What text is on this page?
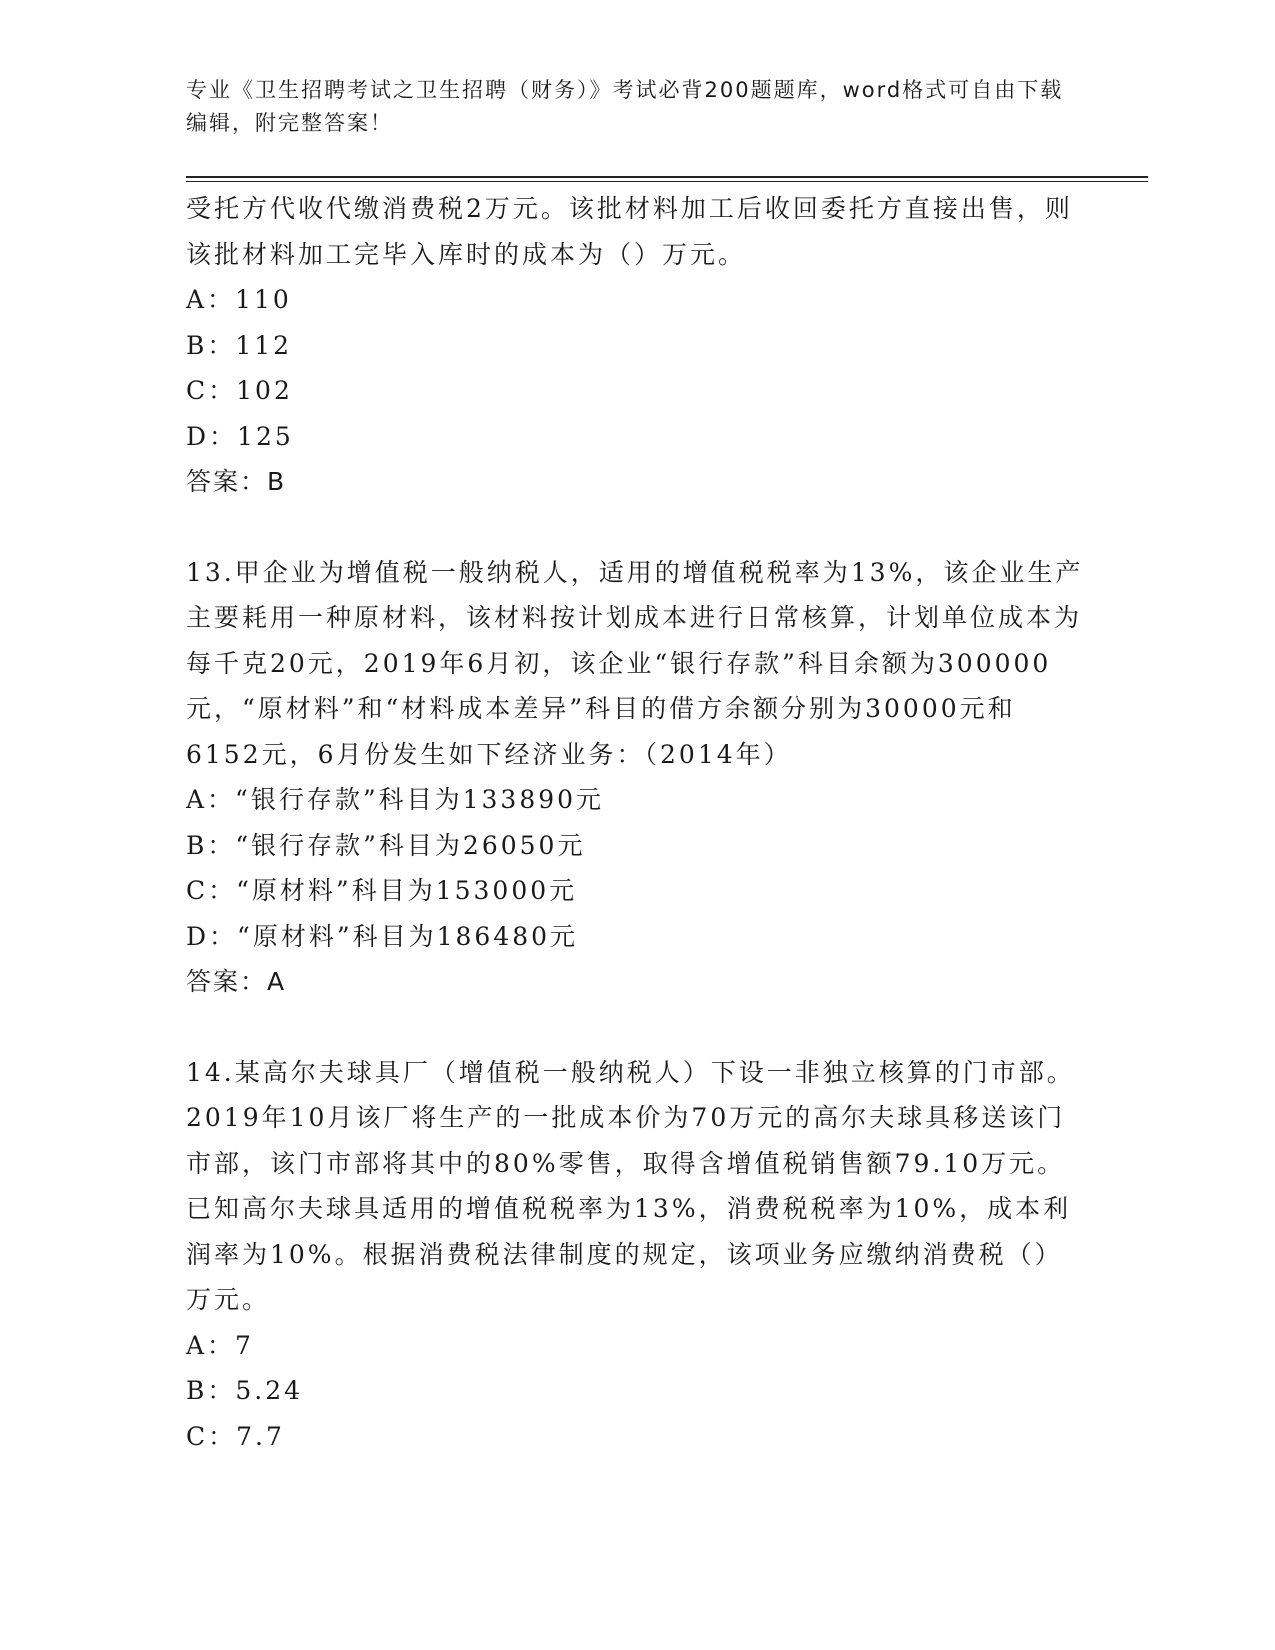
专业《卫生招聘考试之卫生招聘（财务）》考试必背200题题库，word格式可自由下载编辑，附完整答案！

受托方代收代缴消费税2万元。该批材料加工后收回委托方直接出售，则该批材料加工完毕入库时的成本为（）万元。

A：110

B：112

C：102

D：125

答案：B

13.甲企业为增值税一般纳税人，适用的增值税税率为13%，该企业生产主要耗用一种原材料，该材料按计划成本进行日常核算，计划单位成本为每千克20元，2019年6月初，该企业“银行存款”科目余额为300000元，“原材料”和“材料成本差异”科目的借方余额分别为30000元和6152元，6月份发生如下经济业务：（2014年）

A：“银行存款”科目为133890元

B：“银行存款”科目为26050元

C：“原材料”科目为153000元

D：“原材料”科目为186480元

答案：A

14.某高尔夫球具厂（增值税一般纳税人）下设一非独立核算的门市部。2019年10月该厂将生产的一批成本价为70万元的高尔夫球具移送该门市部，该门市部将其中的80%零售，取得含增值税销售额79.10万元。已知高尔夫球具适用的增值税税率为13%，消费税税率为10%，成本利润率为10%。根据消费税法律制度的规定，该项业务应缴纳消费税（）万元。

A：7

B：5.24

C：7.7
